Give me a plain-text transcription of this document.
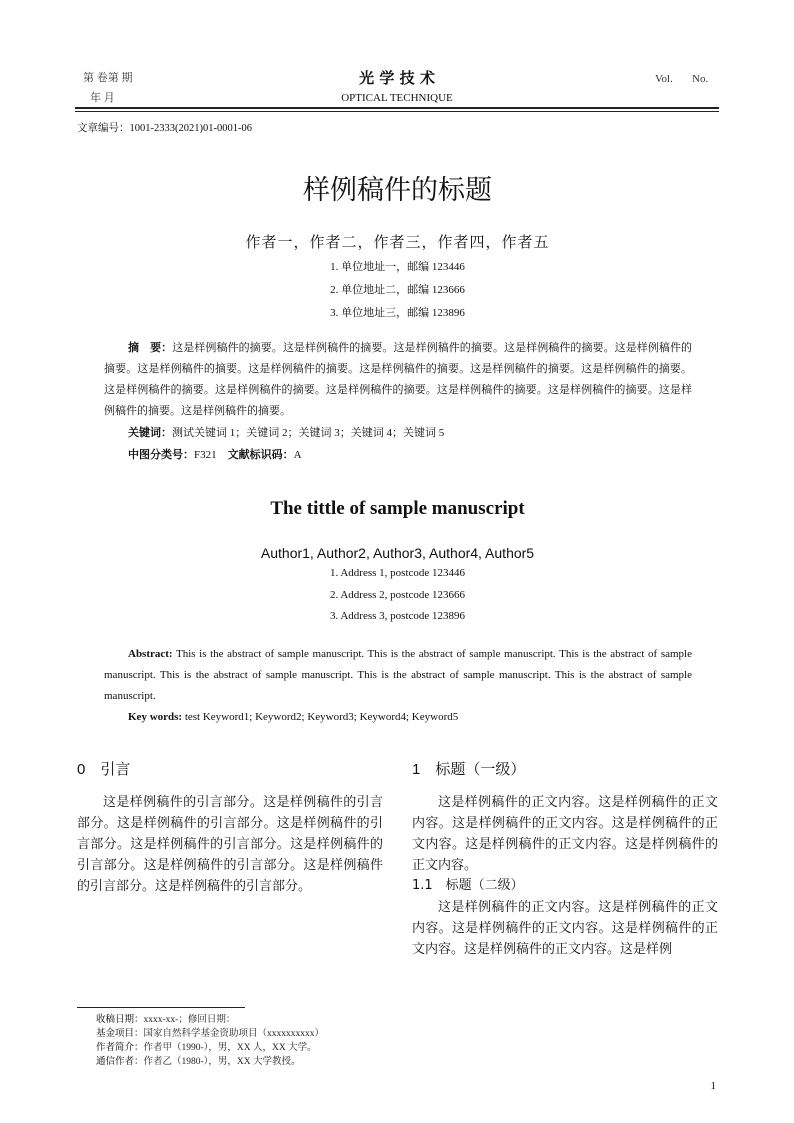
第 卷第 期
年 月
光 学 技 术
OPTICAL TECHNIQUE
Vol. No.
文章编号：1001-2333(2021)01-0001-06
样例稿件的标题
作者一，作者二，作者三，作者四，作者五
1. 单位地址一，邮编 123446
2. 单位地址二，邮编 123666
3. 单位地址三，邮编 123896
摘　要：这是样例稿件的摘要。这是样例稿件的摘要。这是样例稿件的摘要。这是样例稿件的摘要。这是样例稿件的摘要。这是样例稿件的摘要。这是样例稿件的摘要。这是样例稿件的摘要。这是样例稿件的摘要。这是样例稿件的摘要。这是样例稿件的摘要。这是样例稿件的摘要。这是样例稿件的摘要。这是样例稿件的摘要。这是样例稿件的摘要。这是样例稿件的摘要。这是样例稿件的摘要。
关键词：测试关键词 1；关键词 2；关键词 3；关键词 4；关键词 5
中图分类号：F321 文献标识码：A
The tittle of sample manuscript
Author1, Author2, Author3, Author4, Author5
1. Address 1, postcode 123446
2. Address 2, postcode 123666
3. Address 3, postcode 123896
Abstract: This is the abstract of sample manuscript. This is the abstract of sample manuscript. This is the abstract of sample manuscript. This is the abstract of sample manuscript. This is the abstract of sample manuscript. This is the abstract of sample manuscript.
Key words: test Keyword1; Keyword2; Keyword3; Keyword4; Keyword5
0　引言

这是样例稿件的引言部分。这是样例稿件的引言部分。这是样例稿件的引言部分。这是样例稿件的引言部分。这是样例稿件的引言部分。这是样例稿件的引言部分。这是样例稿件的引言部分。这是样例稿件的引言部分。这是样例稿件的引言部分。

1　标题（一级）

这是样例稿件的正文内容。这是样例稿件的正文内容。这是样例稿件的正文内容。这是样例稿件的正文内容。这是样例稿件的正文内容。这是样例稿件的正文内容。

1.1　标题（二级）

这是样例稿件的正文内容。这是样例稿件的正文内容。这是样例稿件的正文内容。这是样例稿件的正文内容。这是样例稿件的正文内容。这是样例

收稿日期：xxxx-xx-；修回日期：
基金项目：国家自然科学基金资助项目（xxxxxxxxxx）
作者简介：作者甲（1990-），男，XX 人，XX 大学。
通信作者：作者乙（1980-），男，XX 大学教授。
1
